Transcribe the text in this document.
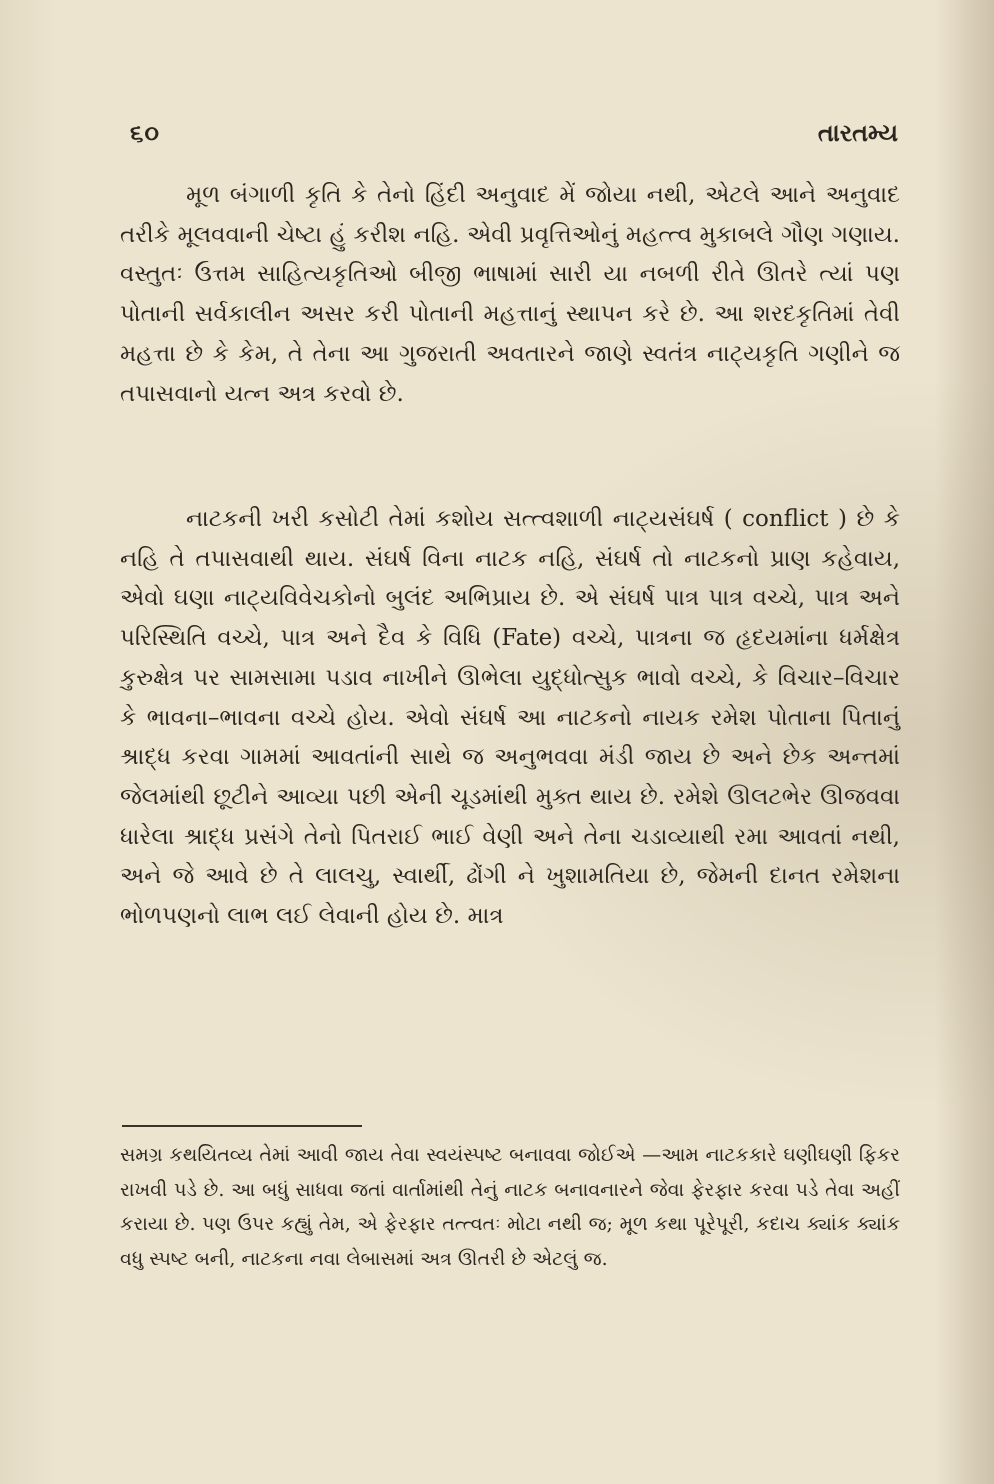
૬૦	તારતમ્ય

મૂળ બંગાળી કૃતિ કે તેનો હિંદી અનુવાદ મેં જોયા નથી, એટલે આને અનુવાદ તરીકે મૂલવવાની ચેષ્ટા હું કરીશ નહિ. એવી પ્રવૃત્તિઓનું મહત્ત્વ મુકાબલે ગૌણ ગણાય. વસ્તુતઃ ઉત્તમ સાહિત્યકૃતિઓ બીજી ભાષામાં સારી યા નબળી રીતે ઊતરે ત્યાં પણ પોતાની સર્વકાલીન અસર કરી પોતાની મહત્તાનું સ્થાપન કરે છે. આ શરદકૃતિમાં તેવી મહત્તા છે કે કેમ, તે તેના આ ગુજરાતી અવતારને જાણે સ્વતંત્ર નાટ્યકૃતિ ગણીને જ તપાસવાનો યત્ન અત્ર કરવો છે.

નાટકની ખરી કસોટી તેમાં કશોય સત્ત્વશાળી નાટ્યસંઘર્ષ ( conflict ) છે કે નહિ તે તપાસવાથી થાય. સંઘર્ષ વિના નાટક નહિ, સંઘર્ષ તો નાટકનો પ્રાણ કહેવાય, એવો ઘણા નાટ્યવિવેચકોનો બુલંદ અભિપ્રાય છે. એ સંઘર્ષ પાત્ર પાત્ર વચ્ચે, પાત્ર અને પરિસ્થિતિ વચ્ચે, પાત્ર અને દૈવ કે વિધિ (Fate) વચ્ચે, પાત્રના જ હૃદયમાંના ધર્મક્ષેત્ર કુરુક્ષેત્ર પર સામસામા પડાવ નાખીને ઊભેલા યુદ્ધોત્સુક ભાવો વચ્ચે, કે વિચાર–વિચાર કે ભાવના–ભાવના વચ્ચે હોય. એવો સંઘર્ષ આ નાટકનો નાયક રમેશ પોતાના પિતાનું શ્રાદ્ધ કરવા ગામમાં આવતાંની સાથે જ અનુભવવા મંડી જાય છે અને છેક અન્તમાં જેલમાંથી છૂટીને આવ્યા પછી એની ચૂડમાંથી મુક્ત થાય છે. રમેશે ઊલટભેર ઊજવવા ધારેલા શ્રાદ્ધ પ્રસંગે તેનો પિતરાઈ ભાઈ વેણી અને તેના ચડાવ્યાથી રમા આવતાં નથી, અને જે આવે છે તે લાલચુ, સ્વાર્થી, ઢોંગી ને ખુશામતિયા છે, જેમની દાનત રમેશના ભોળપણનો લાભ લઈ લેવાની હોય છે. માત્ર

સમગ્ર કથયિતવ્ય તેમાં આવી જાય તેવા સ્વયંસ્પષ્ટ બનાવવા જોઈએ —આમ નાટકકારે ઘણીઘણી ફિકર રાખવી પડે છે. આ બધું સાધવા જતાં વાર્તામાંથી તેનું નાટક બનાવનારને જેવા ફેરફાર કરવા પડે તેવા અહીં કરાયા છે. પણ ઉપર કહ્યું તેમ, એ ફેરફાર તત્ત્વતઃ મોટા નથી જ; મૂળ કથા પૂરેપૂરી, કદાચ ક્યાંક ક્યાંક વધુ સ્પષ્ટ બની, નાટકના નવા લેબાસમાં અત્ર ઊતરી છે એટલું જ.
